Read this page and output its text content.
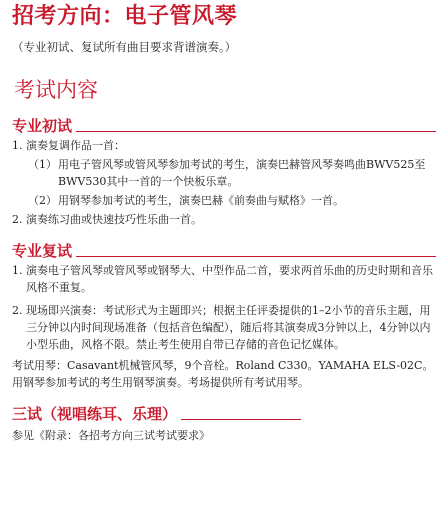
招考方向：电子管风琴

（专业初试、复试所有曲目要求背谱演奏。）

考试内容
专业初试
1. 演奏复调作品一首：
（1） 用电子管风琴或管风琴参加考试的考生，演奏巴赫管风琴奏鸣曲BWV525至BWV530其中一首的一个快板乐章。
（2） 用钢琴参加考试的考生，演奏巴赫《前奏曲与赋格》一首。
2. 演奏练习曲或快速技巧性乐曲一首。
专业复试
1. 演奏电子管风琴或管风琴或钢琴大、中型作品二首，要求两首乐曲的历史时期和音乐风格不重复。
2. 现场即兴演奏：考试形式为主题即兴；根据主任评委提供的1–2小节的音乐主题，用三分钟以内时间现场准备（包括音色编配），随后将其演奏成3分钟以上，4分钟以内小型乐曲，风格不限。禁止考生使用自带已存储的音色记忆媒体。

考试用琴：Casavant机械管风琴，9个音栓。Roland C330。YAMAHA ELS-02C。用钢琴参加考试的考生用钢琴演奏。考场提供所有考试用琴。

三试（视唱练耳、乐理）

参见《附录：各招考方向三试考试要求》
